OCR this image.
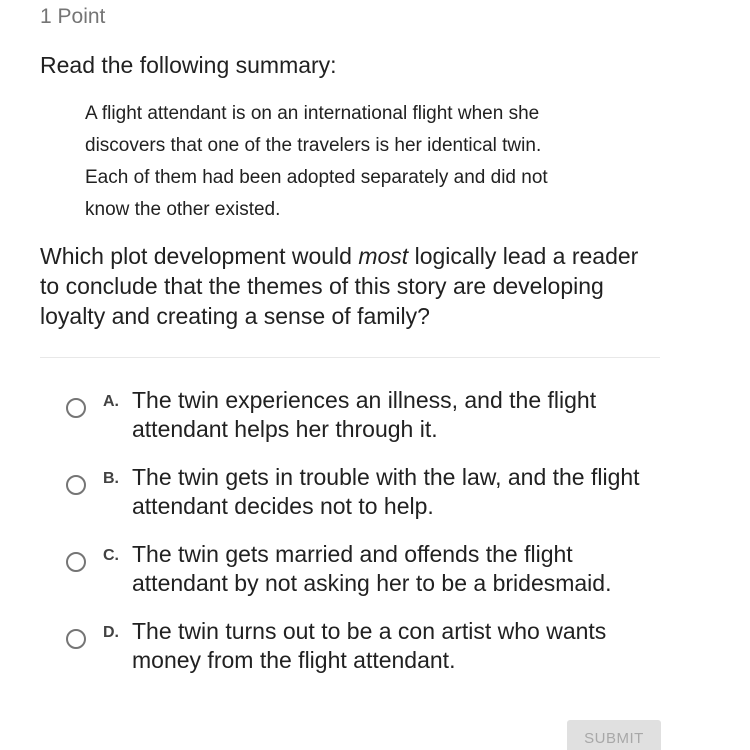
1 Point
Read the following summary:
A flight attendant is on an international flight when she
discovers that one of the travelers is her identical twin.
Each of them had been adopted separately and did not
know the other existed.
Which plot development would most logically lead a reader
to conclude that the themes of this story are developing
loyalty and creating a sense of family?
A. The twin experiences an illness, and the flight
attendant helps her through it.
B. The twin gets in trouble with the law, and the flight
attendant decides not to help.
C. The twin gets married and offends the flight
attendant by not asking her to be a bridesmaid.
D. The twin turns out to be a con artist who wants
money from the flight attendant.
SUBMIT
